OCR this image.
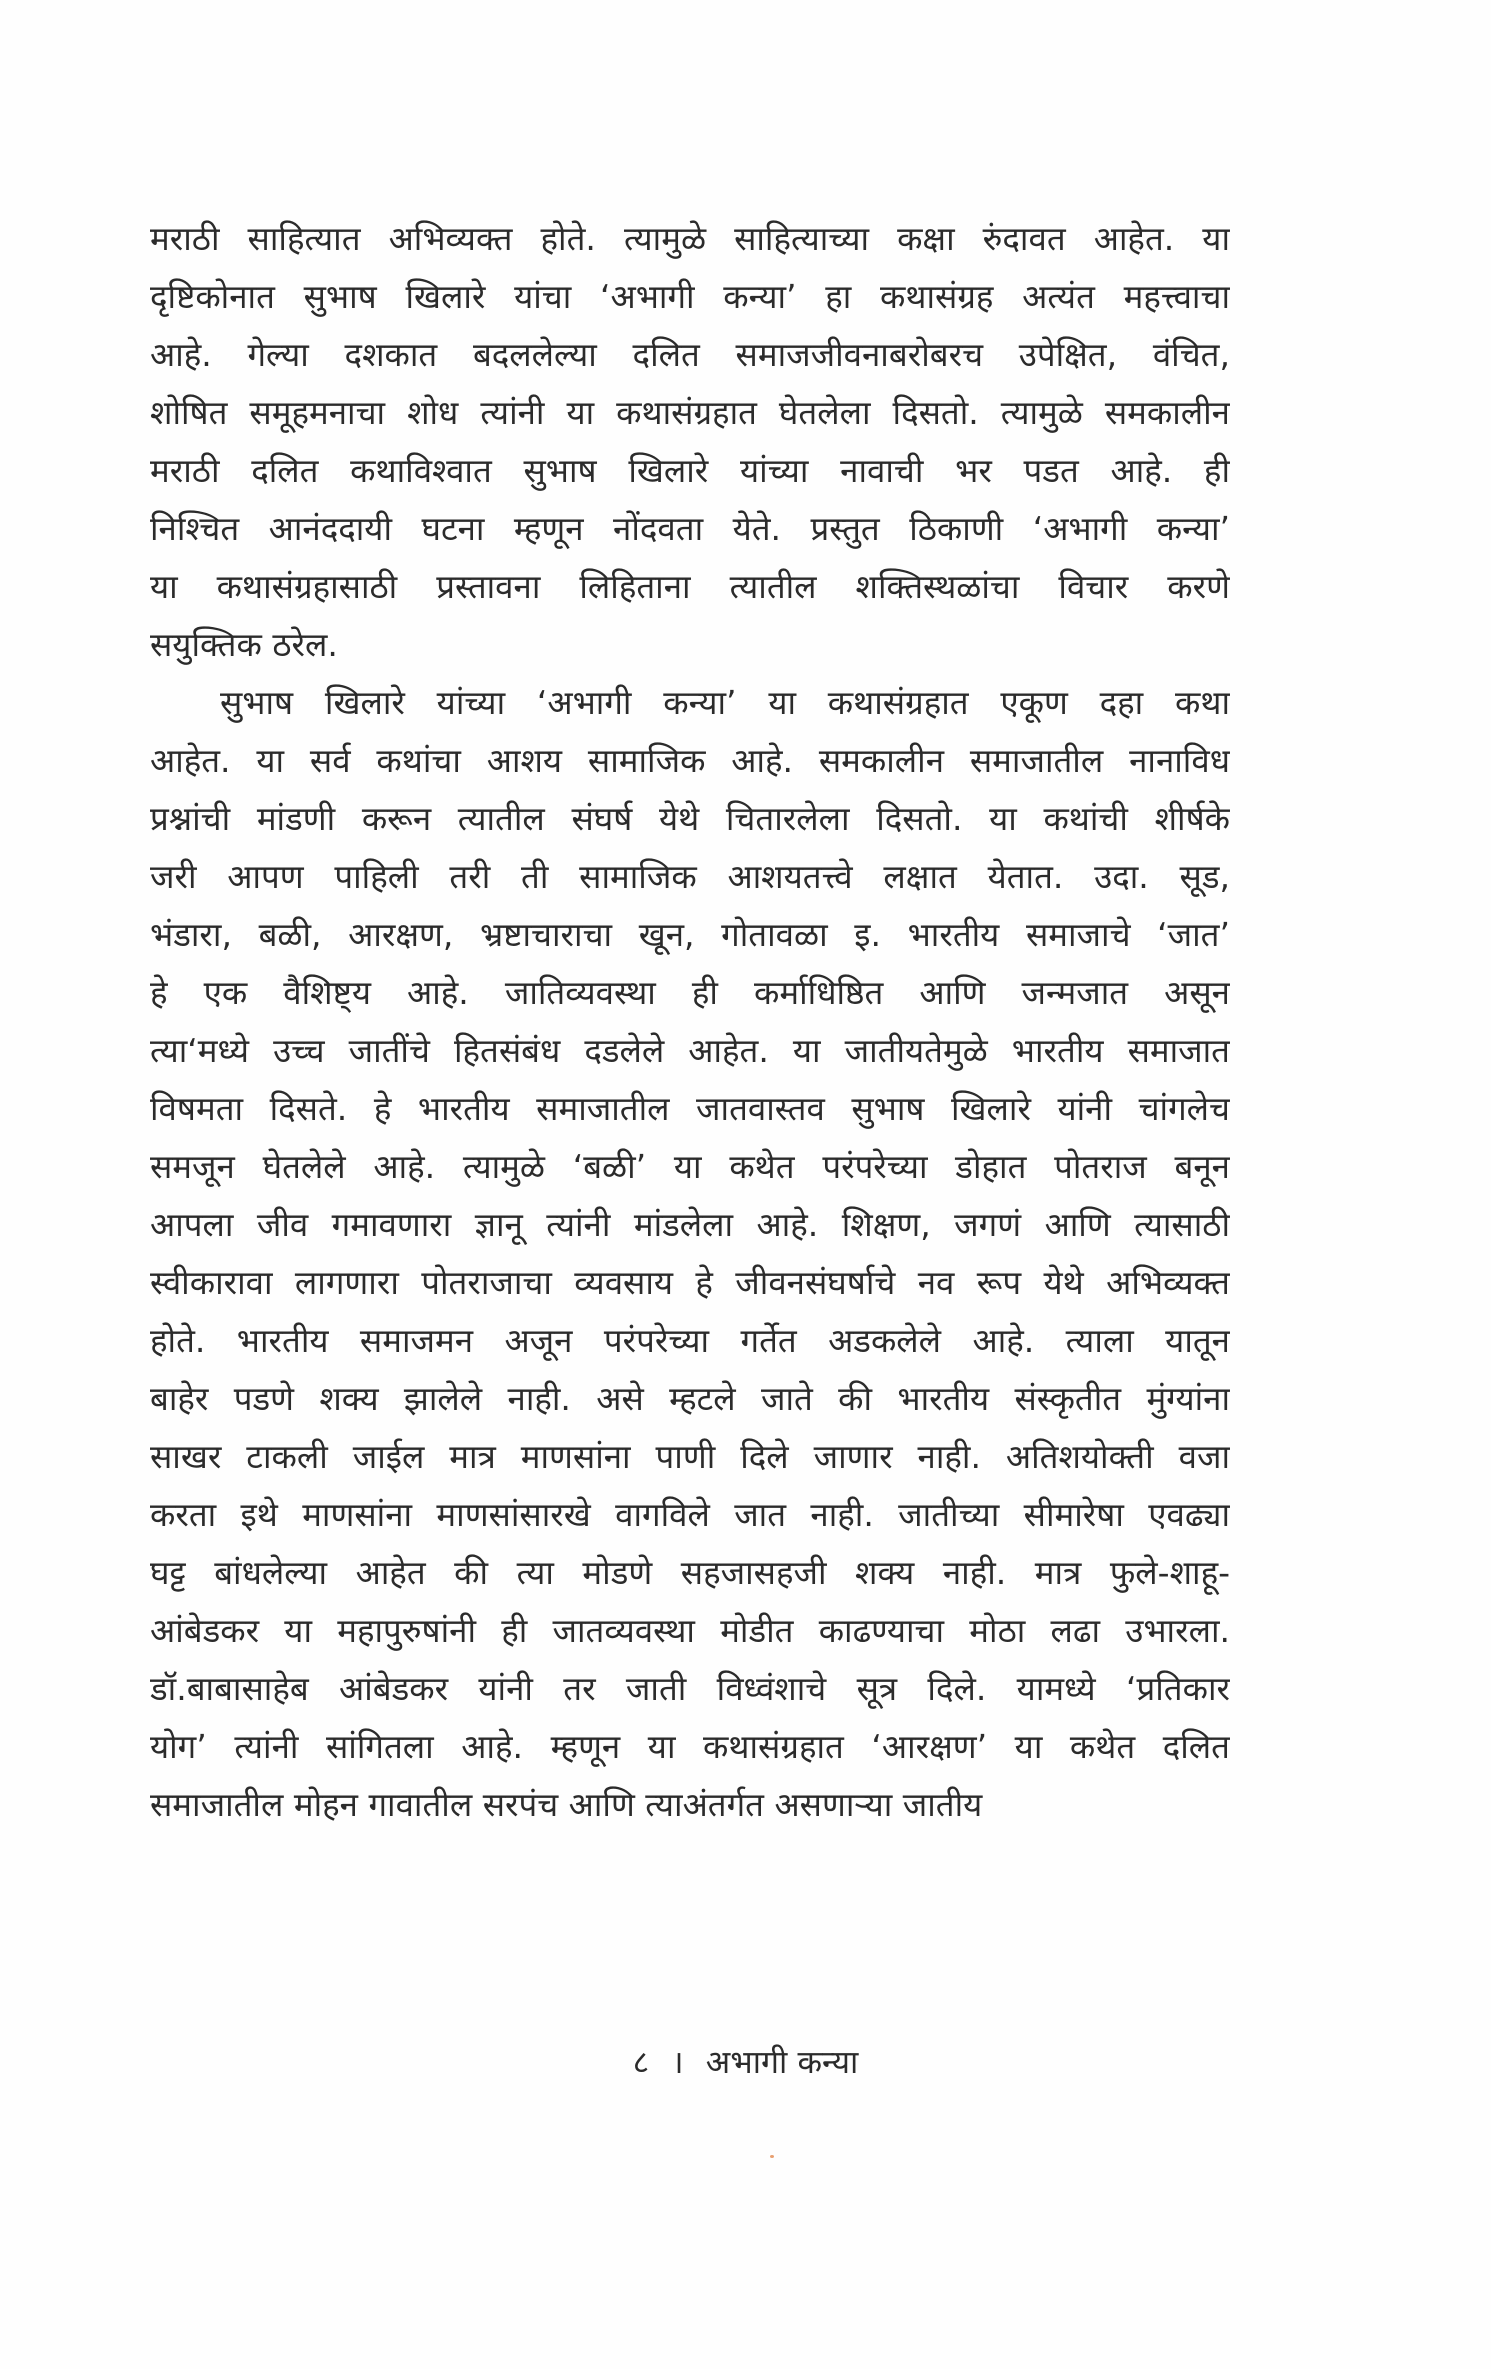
मराठी साहित्यात अभिव्यक्त होते. त्यामुळे साहित्याच्या कक्षा रुंदावत आहेत. या
दृष्टिकोनात सुभाष खिलारे यांचा ‘अभागी कन्या’ हा कथासंग्रह अत्यंत महत्त्वाचा
आहे. गेल्या दशकात बदललेल्या दलित समाजजीवनाबरोबरच उपेक्षित, वंचित,
शोषित समूहमनाचा शोध त्यांनी या कथासंग्रहात घेतलेला दिसतो. त्यामुळे समकालीन
मराठी दलित कथाविश्वात सुभाष खिलारे यांच्या नावाची भर पडत आहे. ही
निश्चित आनंददायी घटना म्हणून नोंदवता येते. प्रस्तुत ठिकाणी ‘अभागी कन्या’
या कथासंग्रहासाठी प्रस्तावना लिहिताना त्यातील शक्तिस्थळांचा विचार करणे
सयुक्तिक ठरेल.
सुभाष खिलारे यांच्या ‘अभागी कन्या’ या कथासंग्रहात एकूण दहा कथा
आहेत. या सर्व कथांचा आशय सामाजिक आहे. समकालीन समाजातील नानाविध
प्रश्नांची मांडणी करून त्यातील संघर्ष येथे चितारलेला दिसतो. या कथांची शीर्षके
जरी आपण पाहिली तरी ती सामाजिक आशयतत्त्वे लक्षात येतात. उदा. सूड,
भंडारा, बळी, आरक्षण, भ्रष्टाचाराचा खून, गोतावळा इ. भारतीय समाजाचे ‘जात’
हे एक वैशिष्ट्य आहे. जातिव्यवस्था ही कर्माधिष्ठित आणि जन्मजात असून
त्या‘मध्ये उच्च जातींचे हितसंबंध दडलेले आहेत. या जातीयतेमुळे भारतीय समाजात
विषमता दिसते. हे भारतीय समाजातील जातवास्तव सुभाष खिलारे यांनी चांगलेच
समजून घेतलेले आहे. त्यामुळे ‘बळी’ या कथेत परंपरेच्या डोहात पोतराज बनून
आपला जीव गमावणारा ज्ञानू त्यांनी मांडलेला आहे. शिक्षण, जगणं आणि त्यासाठी
स्वीकारावा लागणारा पोतराजाचा व्यवसाय हे जीवनसंघर्षाचे नव रूप येथे अभिव्यक्त
होते. भारतीय समाजमन अजून परंपरेच्या गर्तेत अडकलेले आहे. त्याला यातून
बाहेर पडणे शक्य झालेले नाही. असे म्हटले जाते की भारतीय संस्कृतीत मुंग्यांना
साखर टाकली जाईल मात्र माणसांना पाणी दिले जाणार नाही. अतिशयोक्ती वजा
करता इथे माणसांना माणसांसारखे वागविले जात नाही. जातीच्या सीमारेषा एवढ्या
घट्ट बांधलेल्या आहेत की त्या मोडणे सहजासहजी शक्य नाही. मात्र फुले-शाहू-
आंबेडकर या महापुरुषांनी ही जातव्यवस्था मोडीत काढण्याचा मोठा लढा उभारला.
डॉ.बाबासाहेब आंबेडकर यांनी तर जाती विध्वंशाचे सूत्र दिले. यामध्ये ‘प्रतिकार
योग’ त्यांनी सांगितला आहे. म्हणून या कथासंग्रहात ‘आरक्षण’ या कथेत दलित
समाजातील मोहन गावातील सरपंच आणि त्याअंतर्गत असणाऱ्या जातीय
८ । अभागी कन्या
